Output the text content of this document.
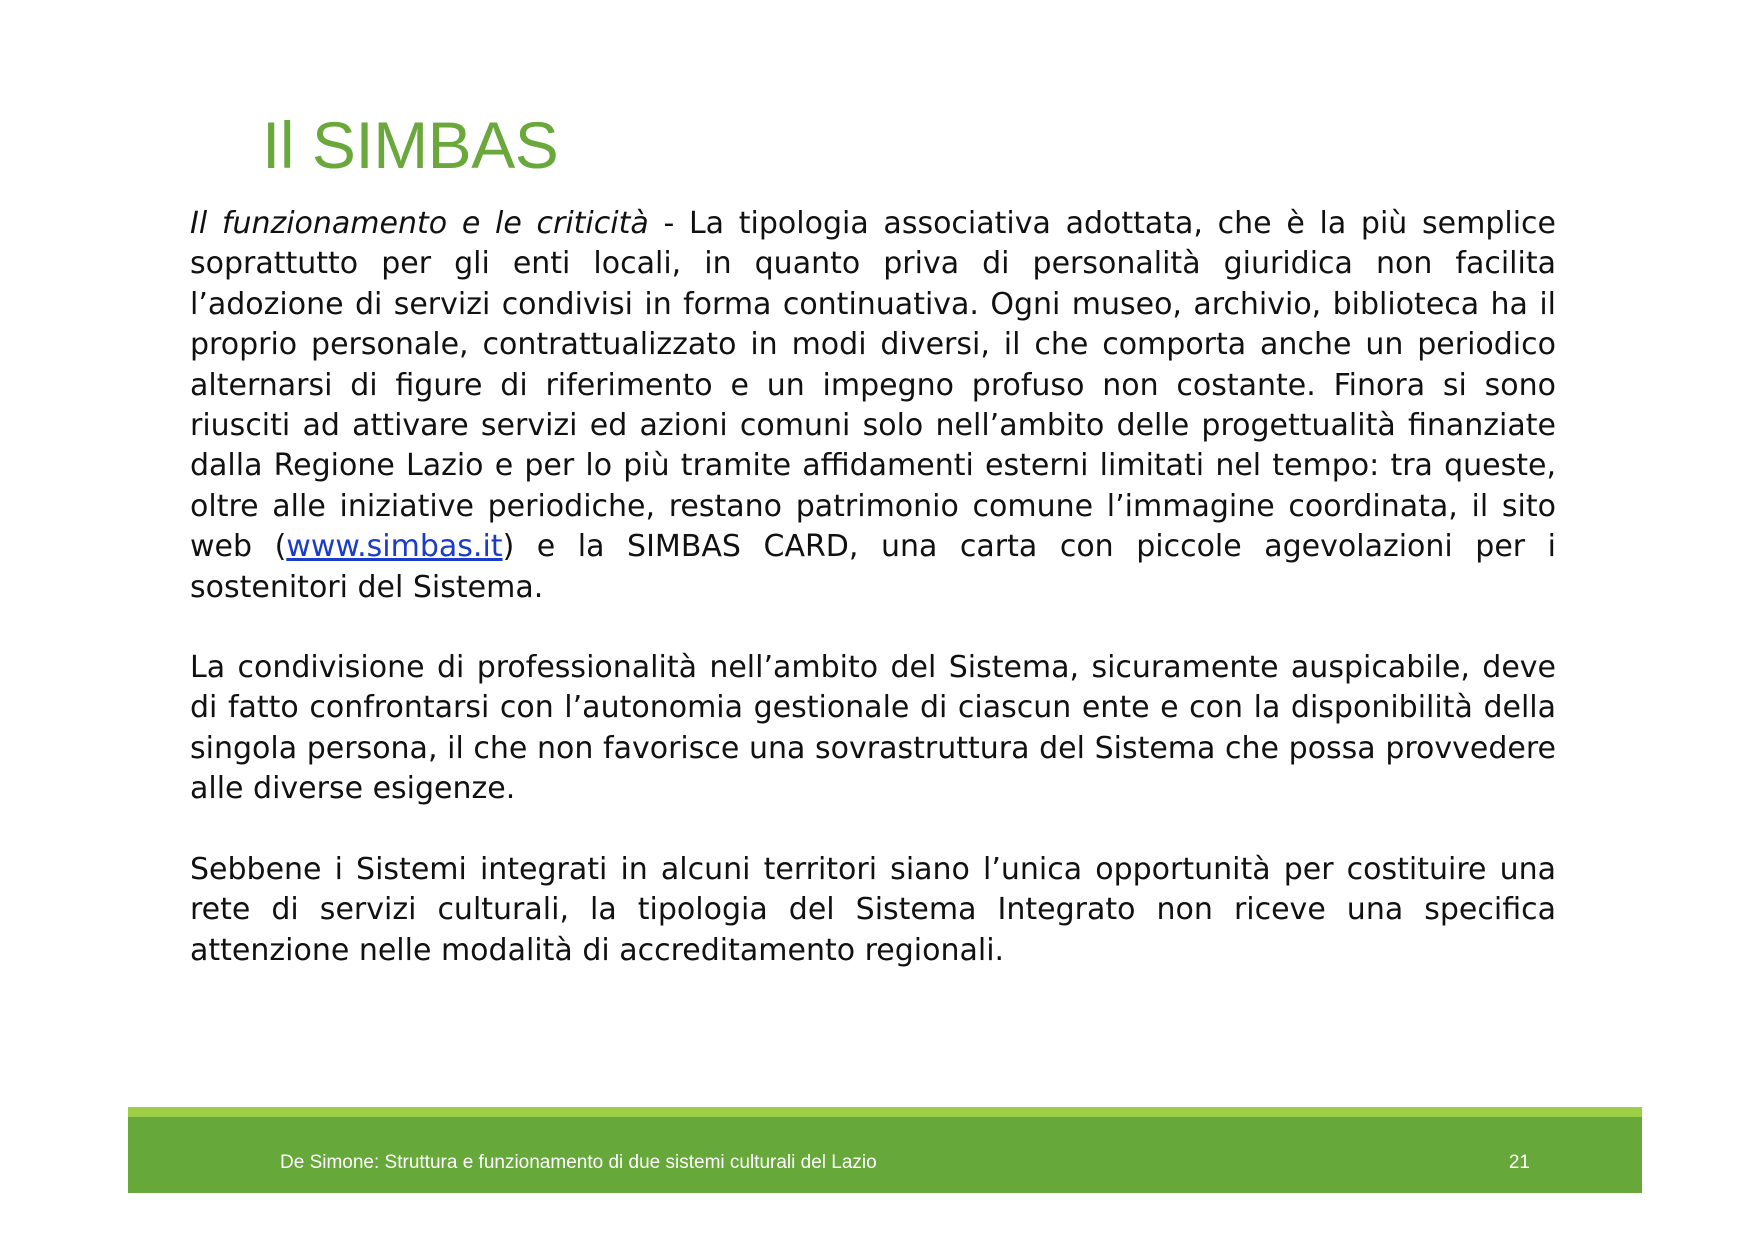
Il SIMBAS

Il funzionamento e le criticità - La tipologia associativa adottata, che è la più semplice soprattutto per gli enti locali, in quanto priva di personalità giuridica non facilita l’adozione di servizi condivisi in forma continuativa. Ogni museo, archivio, biblioteca ha il proprio personale, contrattualizzato in modi diversi, il che comporta anche un periodico alternarsi di figure di riferimento e un impegno profuso non costante. Finora si sono riusciti ad attivare servizi ed azioni comuni solo nell’ambito delle progettualità finanziate dalla Regione Lazio e per lo più tramite affidamenti esterni limitati nel tempo: tra queste, oltre alle iniziative periodiche, restano patrimonio comune l’immagine coordinata, il sito web (www.simbas.it) e la SIMBAS CARD, una carta con piccole agevolazioni per i sostenitori del Sistema.

La condivisione di professionalità nell’ambito del Sistema, sicuramente auspicabile, deve di fatto confrontarsi con l’autonomia gestionale di ciascun ente e con la disponibilità della singola persona, il che non favorisce una sovrastruttura del Sistema che possa provvedere alle diverse esigenze.

Sebbene i Sistemi integrati in alcuni territori siano l’unica opportunità per costituire una rete di servizi culturali, la tipologia del Sistema Integrato non riceve una specifica attenzione nelle modalità di accreditamento regionali.

De Simone: Struttura e funzionamento di due sistemi culturali del Lazio	21
